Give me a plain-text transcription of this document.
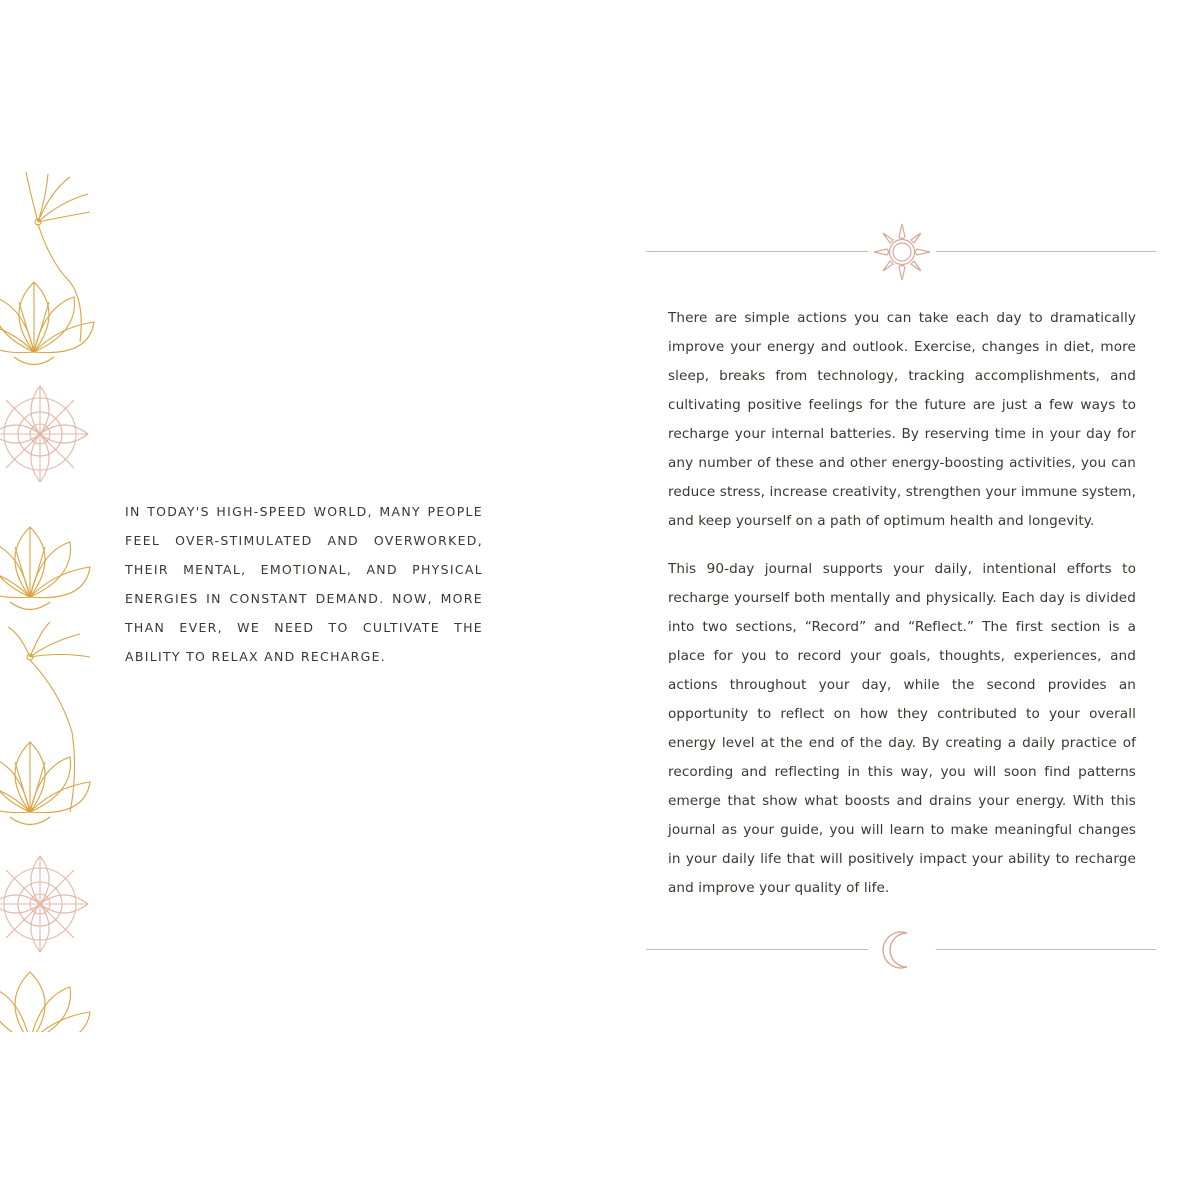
IN TODAY'S HIGH-SPEED WORLD, MANY PEOPLE FEEL OVER-STIMULATED AND OVERWORKED, THEIR MENTAL, EMOTIONAL, AND PHYSICAL ENERGIES IN CONSTANT DEMAND. NOW, MORE THAN EVER, WE NEED TO CULTIVATE THE ABILITY TO RELAX AND RECHARGE.

There are simple actions you can take each day to dramatically improve your energy and outlook. Exercise, changes in diet, more sleep, breaks from technology, tracking accomplishments, and cultivating positive feelings for the future are just a few ways to recharge your internal batteries. By reserving time in your day for any number of these and other energy-boosting activities, you can reduce stress, increase creativity, strengthen your immune system, and keep yourself on a path of optimum health and longevity.

This 90-day journal supports your daily, intentional efforts to recharge yourself both mentally and physically. Each day is divided into two sections, “Record” and “Reflect.” The first section is a place for you to record your goals, thoughts, experiences, and actions throughout your day, while the second provides an opportunity to reflect on how they contributed to your overall energy level at the end of the day. By creating a daily practice of recording and reflecting in this way, you will soon find patterns emerge that show what boosts and drains your energy. With this journal as your guide, you will learn to make meaningful changes in your daily life that will positively impact your ability to recharge and improve your quality of life.
